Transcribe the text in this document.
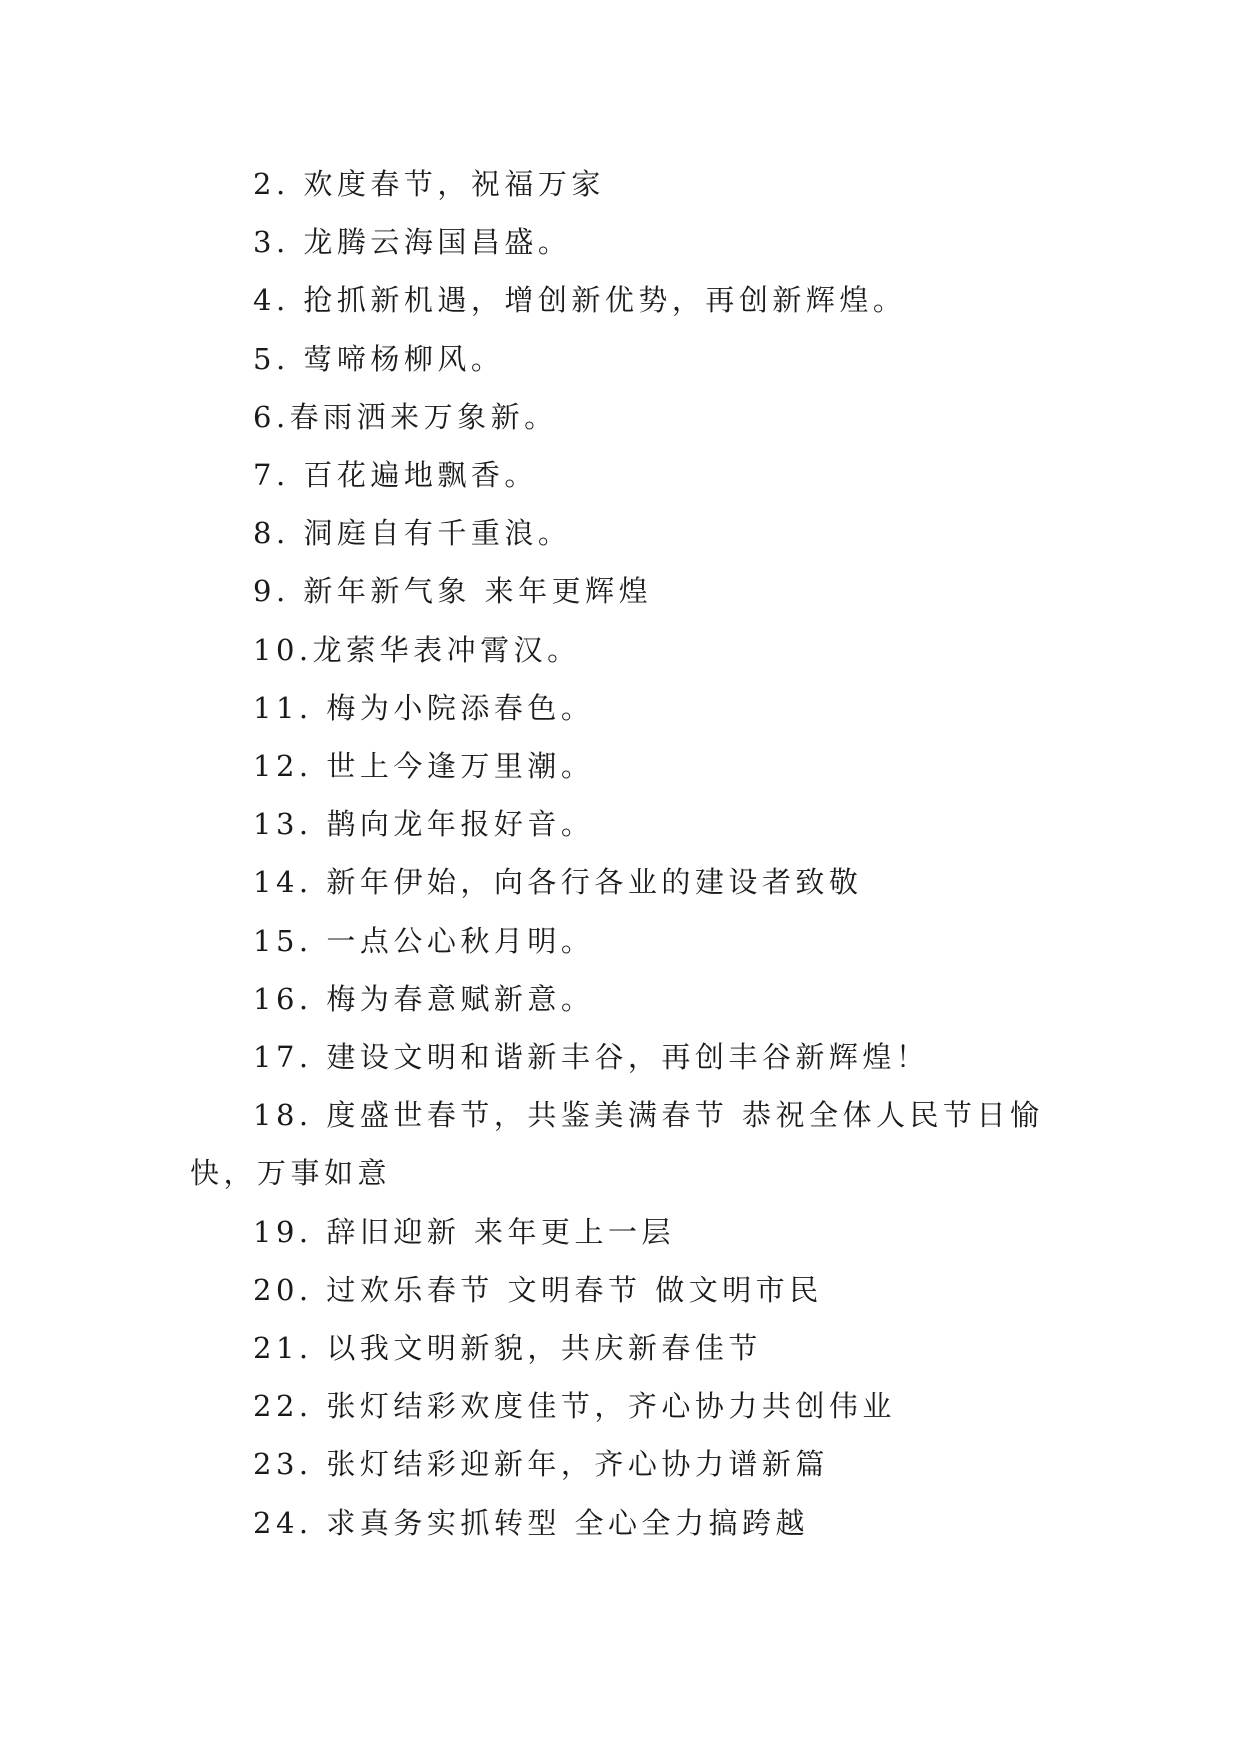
2. 欢度春节，祝福万家

3. 龙腾云海国昌盛。

4. 抢抓新机遇，增创新优势，再创新辉煌。

5. 莺啼杨柳风。

6.春雨洒来万象新。

7. 百花遍地飘香。

8. 洞庭自有千重浪。

9. 新年新气象 来年更辉煌

10.龙萦华表冲霄汉。

11. 梅为小院添春色。

12. 世上今逢万里潮。

13. 鹊向龙年报好音。

14. 新年伊始，向各行各业的建设者致敬

15. 一点公心秋月明。

16. 梅为春意赋新意。

17. 建设文明和谐新丰谷，再创丰谷新辉煌！

18. 度盛世春节，共鉴美满春节 恭祝全体人民节日愉快，万事如意

19. 辞旧迎新 来年更上一层

20. 过欢乐春节 文明春节 做文明市民

21. 以我文明新貌，共庆新春佳节

22. 张灯结彩欢度佳节，齐心协力共创伟业

23. 张灯结彩迎新年，齐心协力谱新篇

24. 求真务实抓转型 全心全力搞跨越
